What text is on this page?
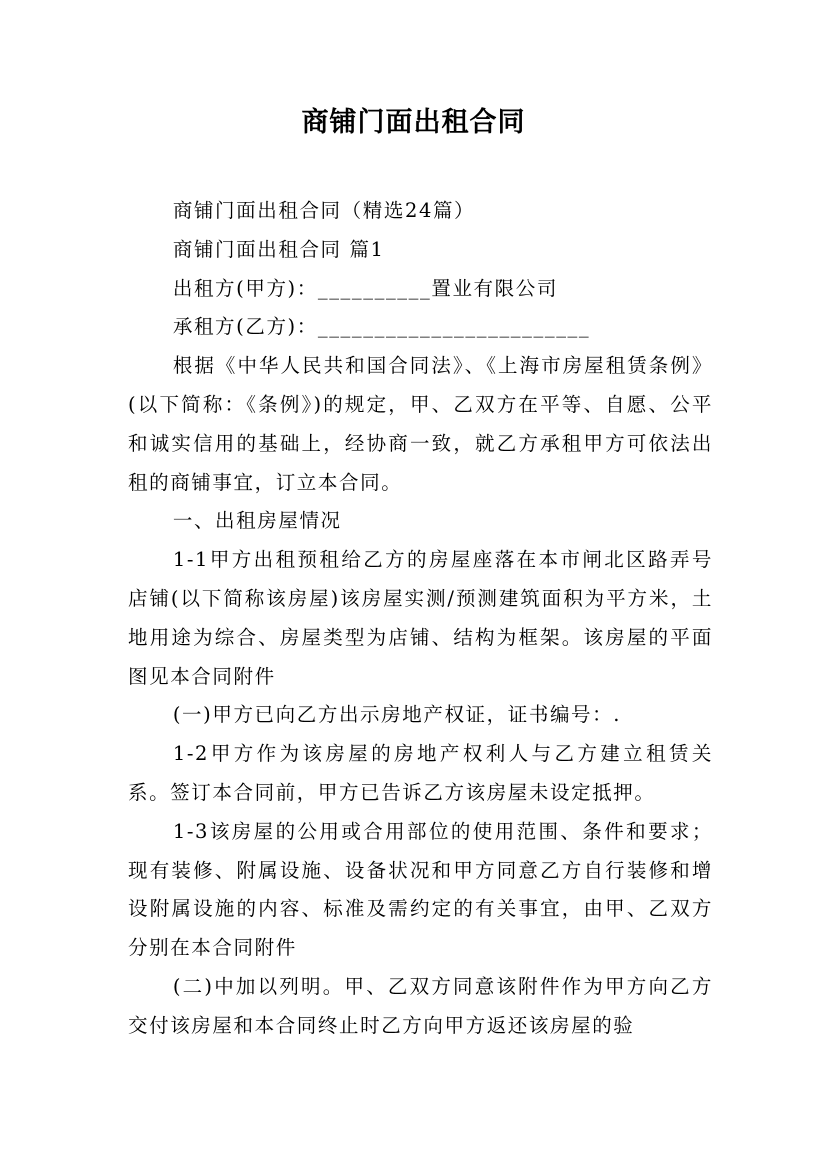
商铺门面出租合同

商铺门面出租合同（精选24篇）

商铺门面出租合同 篇1

出租方(甲方)：__________置业有限公司

承租方(乙方)：________________________

根据《中华人民共和国合同法》、《上海市房屋租赁条例》(以下简称：《条例》)的规定，甲、乙双方在平等、自愿、公平和诚实信用的基础上，经协商一致，就乙方承租甲方可依法出租的商铺事宜，订立本合同。

一、出租房屋情况

1-1甲方出租预租给乙方的房屋座落在本市闸北区路弄号店铺(以下简称该房屋)该房屋实测/预测建筑面积为平方米，土地用途为综合、房屋类型为店铺、结构为框架。该房屋的平面图见本合同附件

(一)甲方已向乙方出示房地产权证，证书编号：.

1-2甲方作为该房屋的房地产权利人与乙方建立租赁关系。签订本合同前，甲方已告诉乙方该房屋未设定抵押。

1-3该房屋的公用或合用部位的使用范围、条件和要求；现有装修、附属设施、设备状况和甲方同意乙方自行装修和增设附属设施的内容、标准及需约定的有关事宜，由甲、乙双方分别在本合同附件

(二)中加以列明。甲、乙双方同意该附件作为甲方向乙方交付该房屋和本合同终止时乙方向甲方返还该房屋的验
